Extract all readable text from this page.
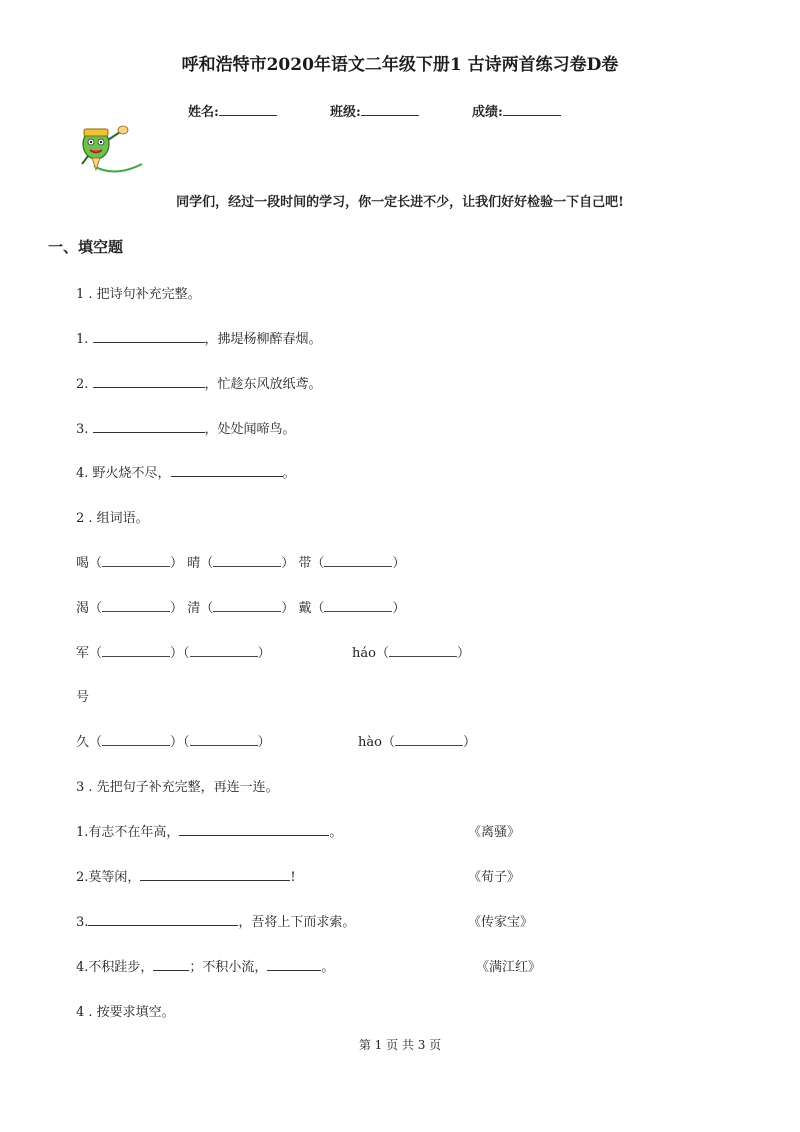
呼和浩特市2020年语文二年级下册1 古诗两首练习卷D卷
姓名:	班级:	成绩:
同学们，经过一段时间的学习，你一定长进不少，让我们好好检验一下自己吧!
一、填空题
1 . 把诗句补充完整。
1.	，拂堤杨柳醉春烟。
2.	，忙趁东风放纸鸢。
3.	，处处闻啼鸟。
4. 野火烧不尽，	。
2 . 组词语。
喝（	） 晴（	） 带（	）
渴（	） 清（	） 戴（	）
军（	）（	）	háo（	）
号
久（	）（	）	hào（	）
3 . 先把句子补充完整，再连一连。
1.有志不在年高，	。	《离骚》
2.莫等闲，	!	《荀子》
3.	，吾将上下而求索。	《传家宝》
4.不积跬步，	；不积小流，	。	《满江红》
4 . 按要求填空。
第 1 页 共 3 页
